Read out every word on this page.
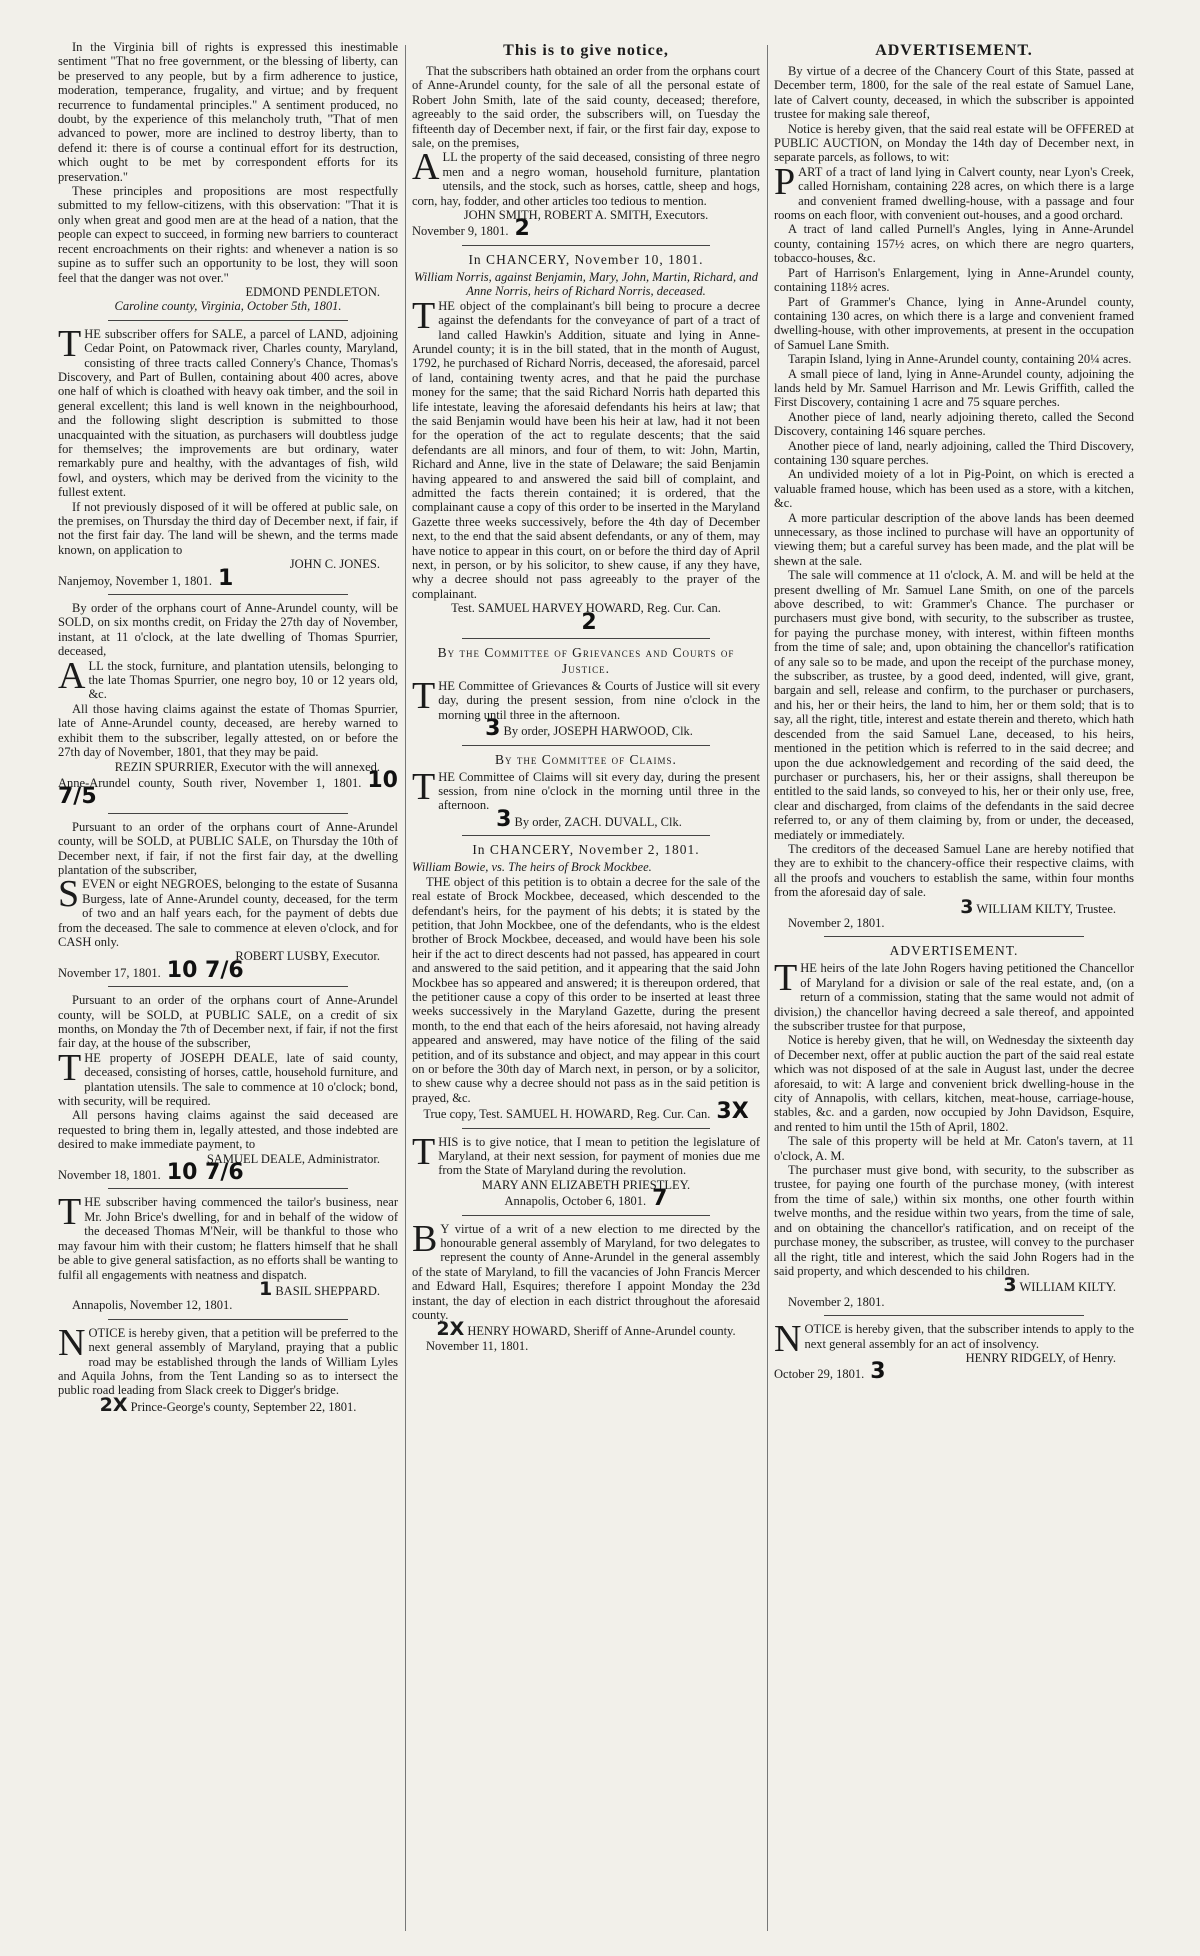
In the Virginia bill of rights is expressed this inestimable sentiment "That no free government, or the blessing of liberty, can be preserved to any people, but by a firm adherence to justice, moderation, temperance, frugality, and virtue; and by frequent recurrence to fundamental principles." A sentiment produced, no doubt, by the experience of this melancholy truth, "That of men advanced to power, more are inclined to destroy liberty, than to defend it: there is of course a continual effort for its destruction, which ought to be met by correspondent efforts for its preservation."

These principles and propositions are most respectfully submitted to my fellow-citizens, with this observation: "That it is only when great and good men are at the head of a nation, that the people can expect to succeed, in forming new barriers to counteract recent encroachments on their rights: and whenever a nation is so supine as to suffer such an opportunity to be lost, they will soon feel that the danger was not over."

EDMOND PENDLETON.

Caroline county, Virginia, October 5th, 1801.

THE subscriber offers for SALE, a parcel of LAND, adjoining Cedar Point, on Patowmack river, Charles county, Maryland, consisting of three tracts called Connery's Chance, Thomas's Discovery, and Part of Bullen, containing about 400 acres, above one half of which is cloathed with heavy oak timber, and the soil in general excellent; this land is well known in the neighbourhood, and the following slight description is submitted to those unacquainted with the situation, as purchasers will doubtless judge for themselves; the improvements are but ordinary, water remarkably pure and healthy, with the advantages of fish, wild fowl, and oysters, which may be derived from the vicinity to the fullest extent.

If not previously disposed of it will be offered at public sale, on the premises, on Thursday the third day of December next, if fair, if not the first fair day. The land will be shewn, and the terms made known, on application to

JOHN C. JONES.

Nanjemoy, November 1, 1801. 1

By order of the orphans court of Anne-Arundel county, will be SOLD, on six months credit, on Friday the 27th day of November, instant, at 11 o'clock, at the late dwelling of Thomas Spurrier, deceased,

ALL the stock, furniture, and plantation utensils, belonging to the late Thomas Spurrier, one negro boy, 10 or 12 years old, &c.

All those having claims against the estate of Thomas Spurrier, late of Anne-Arundel county, deceased, are hereby warned to exhibit them to the subscriber, legally attested, on or before the 27th day of November, 1801, that they may be paid.

REZIN SPURRIER, Executor with the will annexed.

Anne-Arundel county, South river, November 1, 1801. 10 7/5

Pursuant to an order of the orphans court of Anne-Arundel county, will be SOLD, at PUBLIC SALE, on Thursday the 10th of December next, if fair, if not the first fair day, at the dwelling plantation of the subscriber,

SEVEN or eight NEGROES, belonging to the estate of Susanna Burgess, late of Anne-Arundel county, deceased, for the term of two and an half years each, for the payment of debts due from the deceased. The sale to commence at eleven o'clock, and for CASH only.

ROBERT LUSBY, Executor.

November 17, 1801. 10 7/6

Pursuant to an order of the orphans court of Anne-Arundel county, will be SOLD, at PUBLIC SALE, on a credit of six months, on Monday the 7th of December next, if fair, if not the first fair day, at the house of the subscriber,

THE property of JOSEPH DEALE, late of said county, deceased, consisting of horses, cattle, household furniture, and plantation utensils. The sale to commence at 10 o'clock; bond, with security, will be required.

All persons having claims against the said deceased are requested to bring them in, legally attested, and those indebted are desired to make immediate payment, to

SAMUEL DEALE, Administrator.

November 18, 1801. 10 7/6

THE subscriber having commenced the tailor's business, near Mr. John Brice's dwelling, for and in behalf of the widow of the deceased Thomas M'Neir, will be thankful to those who may favour him with their custom; he flatters himself that he shall be able to give general satisfaction, as no efforts shall be wanting to fulfil all engagements with neatness and dispatch.

1 BASIL SHEPPARD.

Annapolis, November 12, 1801.

NOTICE is hereby given, that a petition will be preferred to the next general assembly of Maryland, praying that a public road may be established through the lands of William Lyles and Aquila Johns, from the Tent Landing so as to intersect the public road leading from Slack creek to Digger's bridge.

2X Prince-George's county, September 22, 1801.

This is to give notice,

That the subscribers hath obtained an order from the orphans court of Anne-Arundel county, for the sale of all the personal estate of Robert John Smith, late of the said county, deceased; therefore, agreeably to the said order, the subscribers will, on Tuesday the fifteenth day of December next, if fair, or the first fair day, expose to sale, on the premises,

ALL the property of the said deceased, consisting of three negro men and a negro woman, household furniture, plantation utensils, and the stock, such as horses, cattle, sheep and hogs, corn, hay, fodder, and other articles too tedious to mention.

JOHN SMITH, ROBERT A. SMITH, Executors.

November 9, 1801. 2

In CHANCERY, November 10, 1801.

William Norris, against Benjamin, Mary, John, Martin, Richard, and Anne Norris, heirs of Richard Norris, deceased.

THE object of the complainant's bill being to procure a decree against the defendants for the conveyance of part of a tract of land called Hawkin's Addition, situate and lying in Anne-Arundel county; it is in the bill stated, that in the month of August, 1792, he purchased of Richard Norris, deceased, the aforesaid, parcel of land, containing twenty acres, and that he paid the purchase money for the same; that the said Richard Norris hath departed this life intestate, leaving the aforesaid defendants his heirs at law; that the said Benjamin would have been his heir at law, had it not been for the operation of the act to regulate descents; that the said defendants are all minors, and four of them, to wit: John, Martin, Richard and Anne, live in the state of Delaware; the said Benjamin having appeared to and answered the said bill of complaint, and admitted the facts therein contained; it is ordered, that the complainant cause a copy of this order to be inserted in the Maryland Gazette three weeks successively, before the 4th day of December next, to the end that the said absent defendants, or any of them, may have notice to appear in this court, on or before the third day of April next, in person, or by his solicitor, to shew cause, if any they have, why a decree should not pass agreeably to the prayer of the complainant.

Test. SAMUEL HARVEY HOWARD, Reg. Cur. Can.

2

By the Committee of Grievances and Courts of Justice.

THE Committee of Grievances & Courts of Justice will sit every day, during the present session, from nine o'clock in the morning until three in the afternoon.

3 By order, JOSEPH HARWOOD, Clk.

By the Committee of Claims.

THE Committee of Claims will sit every day, during the present session, from nine o'clock in the morning until three in the afternoon.

3 By order, ZACH. DUVALL, Clk.

In CHANCERY, November 2, 1801.

William Bowie, vs. The heirs of Brock Mockbee.

THE object of this petition is to obtain a decree for the sale of the real estate of Brock Mockbee, deceased, which descended to the defendant's heirs, for the payment of his debts; it is stated by the petition, that John Mockbee, one of the defendants, who is the eldest brother of Brock Mockbee, deceased, and would have been his sole heir if the act to direct descents had not passed, has appeared in court and answered to the said petition, and it appearing that the said John Mockbee has so appeared and answered; it is thereupon ordered, that the petitioner cause a copy of this order to be inserted at least three weeks successively in the Maryland Gazette, during the present month, to the end that each of the heirs aforesaid, not having already appeared and answered, may have notice of the filing of the said petition, and of its substance and object, and may appear in this court on or before the 30th day of March next, in person, or by a solicitor, to shew cause why a decree should not pass as in the said petition is prayed, &c.

True copy, Test. SAMUEL H. HOWARD, Reg. Cur. Can. 3X

THIS is to give notice, that I mean to petition the legislature of Maryland, at their next session, for payment of monies due me from the State of Maryland during the revolution.

MARY ANN ELIZABETH PRIESTLEY.

Annapolis, October 6, 1801. 7

B Y virtue of a writ of a new election to me directed by the honourable general assembly of Maryland, for two delegates to represent the county of Anne-Arundel in the general assembly of the state of Maryland, to fill the vacancies of John Francis Mercer and Edward Hall, Esquires; therefore I appoint Monday the 23d instant, the day of election in each district throughout the aforesaid county.

2X HENRY HOWARD, Sheriff of Anne-Arundel county.

November 11, 1801.

ADVERTISEMENT.

By virtue of a decree of the Chancery Court of this State, passed at December term, 1800, for the sale of the real estate of Samuel Lane, late of Calvert county, deceased, in which the subscriber is appointed trustee for making sale thereof,

Notice is hereby given, that the said real estate will be OFFERED at PUBLIC AUCTION, on Monday the 14th day of December next, in separate parcels, as follows, to wit:

PART of a tract of land lying in Calvert county, near Lyon's Creek, called Hornisham, containing 228 acres, on which there is a large and convenient framed dwelling-house, with a passage and four rooms on each floor, with convenient out-houses, and a good orchard.

A tract of land called Purnell's Angles, lying in Anne-Arundel county, containing 157½ acres, on which there are negro quarters, tobacco-houses, &c.

Part of Harrison's Enlargement, lying in Anne-Arundel county, containing 118½ acres.

Part of Grammer's Chance, lying in Anne-Arundel county, containing 130 acres, on which there is a large and convenient framed dwelling-house, with other improvements, at present in the occupation of Samuel Lane Smith.

Tarapin Island, lying in Anne-Arundel county, containing 20¼ acres.

A small piece of land, lying in Anne-Arundel county, adjoining the lands held by Mr. Samuel Harrison and Mr. Lewis Griffith, called the First Discovery, containing 1 acre and 75 square perches.

Another piece of land, nearly adjoining thereto, called the Second Discovery, containing 146 square perches.

Another piece of land, nearly adjoining, called the Third Discovery, containing 130 square perches.

An undivided moiety of a lot in Pig-Point, on which is erected a valuable framed house, which has been used as a store, with a kitchen, &c.

A more particular description of the above lands has been deemed unnecessary, as those inclined to purchase will have an opportunity of viewing them; but a careful survey has been made, and the plat will be shewn at the sale.

The sale will commence at 11 o'clock, A. M. and will be held at the present dwelling of Mr. Samuel Lane Smith, on one of the parcels above described, to wit: Grammer's Chance. The purchaser or purchasers must give bond, with security, to the subscriber as trustee, for paying the purchase money, with interest, within fifteen months from the time of sale; and, upon obtaining the chancellor's ratification of any sale so to be made, and upon the receipt of the purchase money, the subscriber, as trustee, by a good deed, indented, will give, grant, bargain and sell, release and confirm, to the purchaser or purchasers, and his, her or their heirs, the land to him, her or them sold; that is to say, all the right, title, interest and estate therein and thereto, which hath descended from the said Samuel Lane, deceased, to his heirs, mentioned in the petition which is referred to in the said decree; and upon the due acknowledgement and recording of the said deed, the purchaser or purchasers, his, her or their assigns, shall thereupon be entitled to the said lands, so conveyed to his, her or their only use, free, clear and discharged, from claims of the defendants in the said decree referred to, or any of them claiming by, from or under, the deceased, mediately or immediately.

The creditors of the deceased Samuel Lane are hereby notified that they are to exhibit to the chancery-office their respective claims, with all the proofs and vouchers to establish the same, within four months from the aforesaid day of sale.

3 WILLIAM KILTY, Trustee.

November 2, 1801.

ADVERTISEMENT.

THE heirs of the late John Rogers having petitioned the Chancellor of Maryland for a division or sale of the real estate, and, (on a return of a commission, stating that the same would not admit of division,) the chancellor having decreed a sale thereof, and appointed the subscriber trustee for that purpose,

Notice is hereby given, that he will, on Wednesday the sixteenth day of December next, offer at public auction the part of the said real estate which was not disposed of at the sale in August last, under the decree aforesaid, to wit: A large and convenient brick dwelling-house in the city of Annapolis, with cellars, kitchen, meat-house, carriage-house, stables, &c. and a garden, now occupied by John Davidson, Esquire, and rented to him until the 15th of April, 1802.

The sale of this property will be held at Mr. Caton's tavern, at 11 o'clock, A. M.

The purchaser must give bond, with security, to the subscriber as trustee, for paying one fourth of the purchase money, (with interest from the time of sale,) within six months, one other fourth within twelve months, and the residue within two years, from the time of sale, and on obtaining the chancellor's ratification, and on receipt of the purchase money, the subscriber, as trustee, will convey to the purchaser all the right, title and interest, which the said John Rogers had in the said property, and which descended to his children.

3 WILLIAM KILTY.

November 2, 1801.

NOTICE is hereby given, that the subscriber intends to apply to the next general assembly for an act of insolvency.

HENRY RIDGELY, of Henry.

October 29, 1801. 3
